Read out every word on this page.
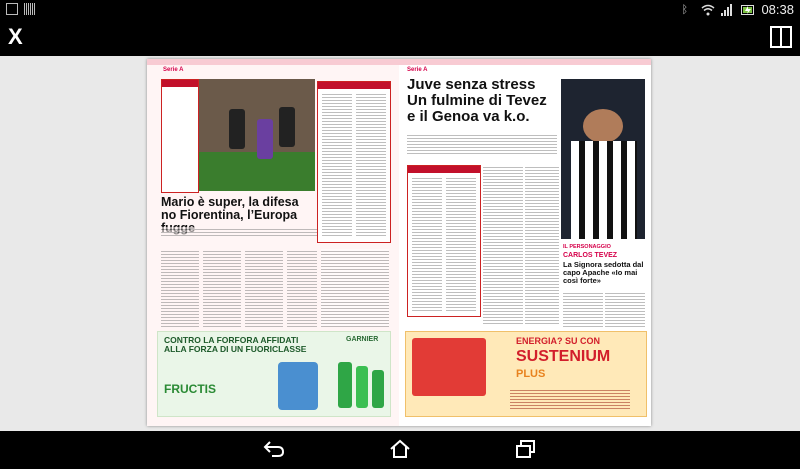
ᛒ	08:38
X
Serie A
Mario è super, la difesa no Fiorentina, l’Europa
CONTRO LA FORFORA AFFIDATI ALLA FORZA DI UN FUORICLASSE
FRUCTIS
GARNIER
Serie A
Juve senza stress Un fulmine di Tevez e il Genoa va k.o.
IL PERSONAGGIO
CARLOS TEVEZ
La Signora sedotta dal capo Apache «Io mai così forte»
ENERGIA? SU CON
SUSTENIUM
PLUS
